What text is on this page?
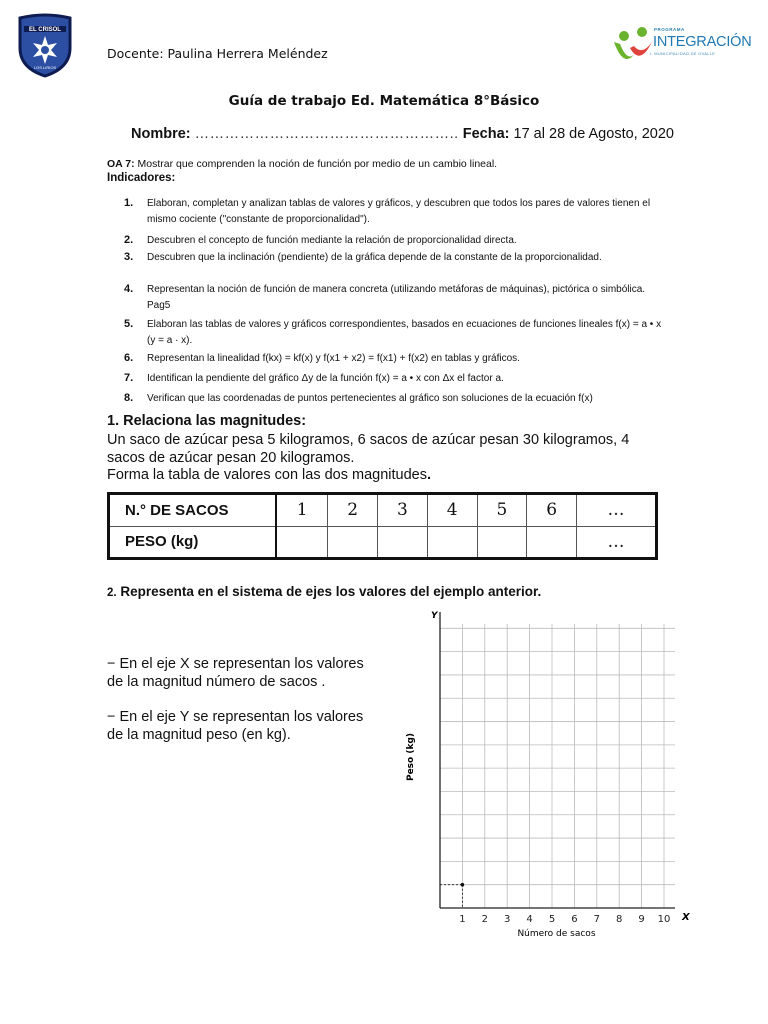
EL CRISOL
LOS LIRIOS
Docente: Paulina Herrera Meléndez
PROGRAMA
INTEGRACIÓN
I. MUNICIPALIDAD DE OVALLE
Guía de trabajo Ed. Matemática 8°Básico
Nombre: …………………………………………….. Fecha: 17 al 28 de Agosto, 2020
OA 7: Mostrar que comprenden la noción de función por medio de un cambio lineal.
Indicadores:
1. Elaboran, completan y analizan tablas de valores y gráficos, y descubren que todos los pares de valores tienen el mismo cociente ("constante de proporcionalidad").
2. Descubren el concepto de función mediante la relación de proporcionalidad directa.
3. Descubren que la inclinación (pendiente) de la gráfica depende de la constante de la proporcionalidad.
4. Representan la noción de función de manera concreta (utilizando metáforas de máquinas), pictórica o simbólica. Pag5
5. Elaboran las tablas de valores y gráficos correspondientes, basados en ecuaciones de funciones lineales f(x) = a • x (y = a · x).
6. Representan la linealidad f(kx) = kf(x) y f(x1 + x2) = f(x1) + f(x2) en tablas y gráficos.
7. Identifican la pendiente del gráfico Δy de la función f(x) = a • x con Δx el factor a.
8. Verifican que las coordenadas de puntos pertenecientes al gráfico son soluciones de la ecuación f(x)
1. Relaciona las magnitudes:
Un saco de azúcar pesa 5 kilogramos, 6 sacos de azúcar pesan 30 kilogramos, 4 sacos de azúcar pesan 20 kilogramos.
Forma la tabla de valores con las dos magnitudes.
N.° DE SACOS	1	2	3	4	5	6	…
PESO (kg)							…
2. Representa en el sistema de ejes los valores del ejemplo anterior.
− En el eje X se representan los valores
de la magnitud número de sacos .
− En el eje Y se representan los valores
de la magnitud peso (en kg).
1 2 3 4 5 6 7 8 9 10 X
Y
Número de sacos
Peso (kg)
